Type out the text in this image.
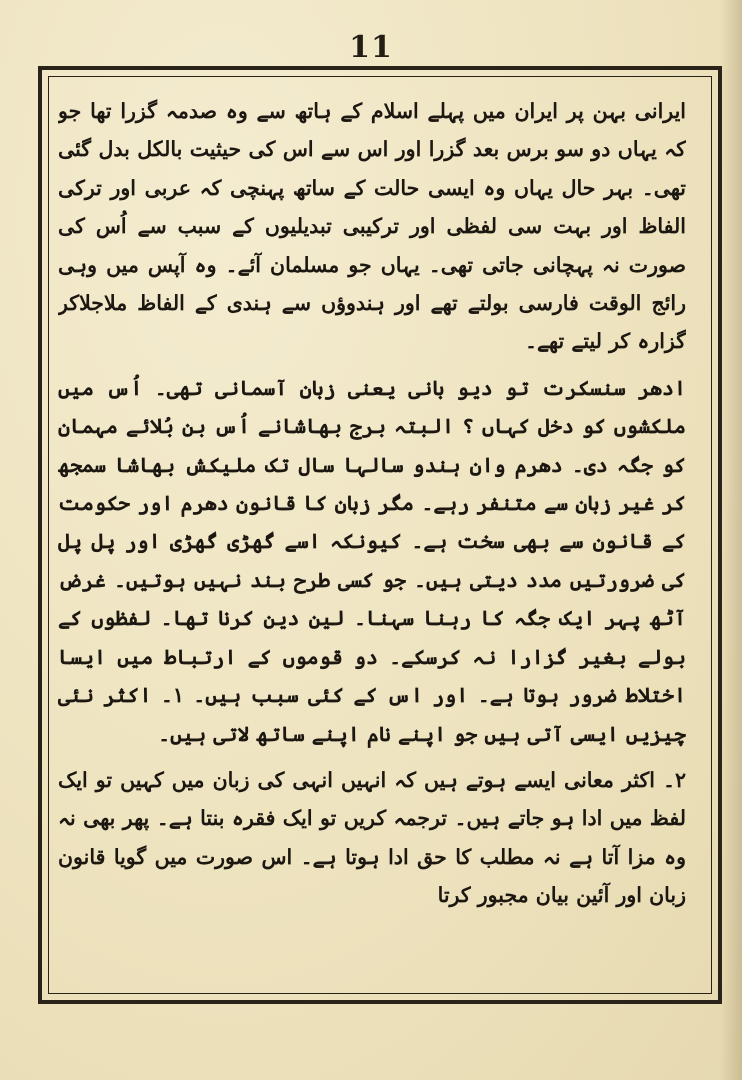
11

ایرانی بہن پر ایران میں پہلے اسلام کے ہاتھ سے وہ صدمہ گزرا تھا جو کہ یہاں دو سو برس بعد گزرا اور اس سے اس کی حیثیت بالکل بدل گئی تھی۔ بہر حال یہاں وہ ایسی حالت کے ساتھ پہنچی کہ عربی اور ترکی الفاظ اور بہت سی لفظی اور ترکیبی تبدیلیوں کے سبب سے اُس کی صورت نہ پہچانی جاتی تھی۔ یہاں جو مسلمان آئے۔ وہ آپس میں وہی رائج الوقت فارسی بولتے تھے اور ہندوؤں سے ہندی کے الفاظ ملاجلاکر گزارہ کر لیتے تھے۔

ادھر سنسکرت تو دیو بانی یعنی زبان آسمانی تھی۔ اُس میں ملکشوں کو دخل کہاں ؟ البتہ برج بھاشانے اُس بن بُلائے مہمان کو جگہ دی۔ دھرم وان ہندو سالہا سال تک ملیکش بھاشا سمجھ کر غیر زبان سے متنفر رہے۔ مگر زبان کا قانون دھرم اور حکومت کے قانون سے بھی سخت ہے۔ کیونکہ اسے گھڑی گھڑی اور پل پل کی ضرورتیں مدد دیتی ہیں۔ جو کسی طرح بند نہیں ہوتیں۔ غرض آٹھ پہر ایک جگہ کا رہنا سہنا۔ لین دین کرنا تھا۔ لفظوں کے بولے بغیر گزارا نہ کرسکے۔ دو قوموں کے ارتباط میں ایسا اختلاط ضرور ہوتا ہے۔ اور اس کے کئی سبب ہیں۔ ۱۔ اکثر نئی چیزیں ایسی آتی ہیں جو اپنے نام اپنے ساتھ لاتی ہیں۔

۲۔ اکثر معانی ایسے ہوتے ہیں کہ انہیں انہی کی زبان میں کہیں تو ایک لفظ میں ادا ہو جاتے ہیں۔ ترجمہ کریں تو ایک فقرہ بنتا ہے۔ پھر بھی نہ وہ مزا آتا ہے نہ مطلب کا حق ادا ہوتا ہے۔ اس صورت میں گویا قانون زبان اور آئین بیان مجبور کرتا
